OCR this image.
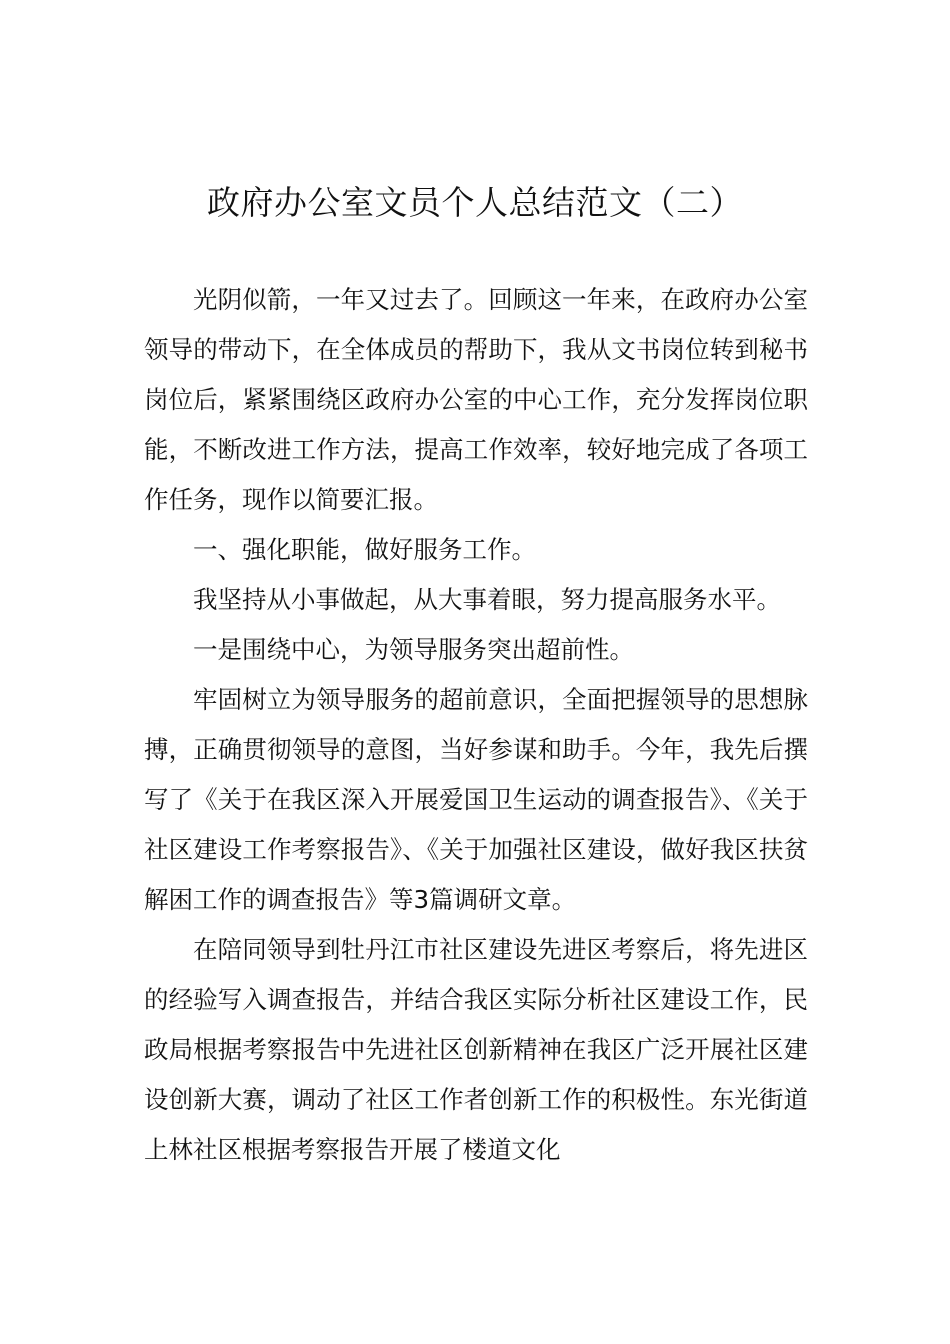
政府办公室文员个人总结范文（二）

光阴似箭，一年又过去了。回顾这一年来，在政府办公室领导的带动下，在全体成员的帮助下，我从文书岗位转到秘书岗位后，紧紧围绕区政府办公室的中心工作，充分发挥岗位职能，不断改进工作方法，提高工作效率，较好地完成了各项工作任务，现作以简要汇报。

一、强化职能，做好服务工作。

我坚持从小事做起，从大事着眼，努力提高服务水平。

一是围绕中心，为领导服务突出超前性。

牢固树立为领导服务的超前意识，全面把握领导的思想脉搏，正确贯彻领导的意图，当好参谋和助手。今年，我先后撰写了《关于在我区深入开展爱国卫生运动的调查报告》、《关于社区建设工作考察报告》、《关于加强社区建设，做好我区扶贫解困工作的调查报告》等3篇调研文章。

在陪同领导到牡丹江市社区建设先进区考察后，将先进区的经验写入调查报告，并结合我区实际分析社区建设工作，民政局根据考察报告中先进社区创新精神在我区广泛开展社区建设创新大赛，调动了社区工作者创新工作的积极性。东光街道上林社区根据考察报告开展了楼道文化
